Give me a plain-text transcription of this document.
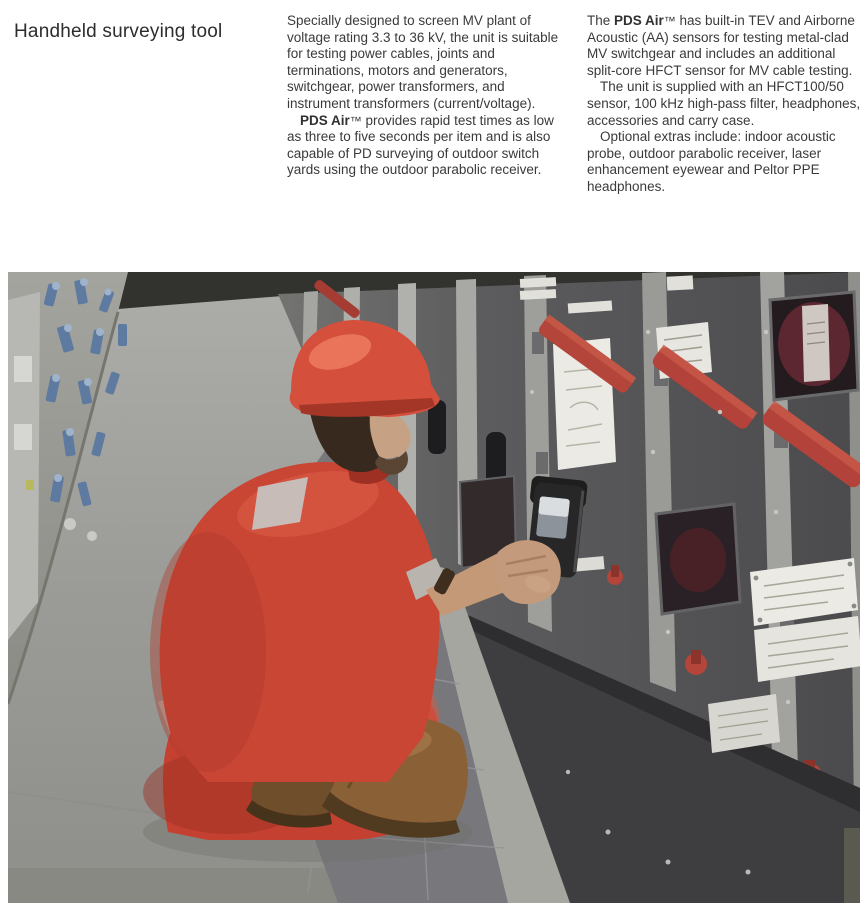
Handheld surveying tool

Specially designed to screen MV plant of voltage rating 3.3 to 36 kV, the unit is suitable for testing power cables, joints and terminations, motors and generators, switchgear, power transformers, and instrument transformers (current/voltage).

PDS Air™ provides rapid test times as low as three to five seconds per item and is also capable of PD surveying of outdoor switch yards using the outdoor parabolic receiver.

The PDS Air™ has built-in TEV and Airborne Acoustic (AA) sensors for testing metal-clad MV switchgear and includes an additional split-core HFCT sensor for MV cable testing.

The unit is supplied with an HFCT100/50 sensor, 100 kHz high-pass filter, headphones, accessories and carry case.

Optional extras include: indoor acoustic probe, outdoor parabolic receiver, laser enhancement eyewear and Peltor PPE headphones.
